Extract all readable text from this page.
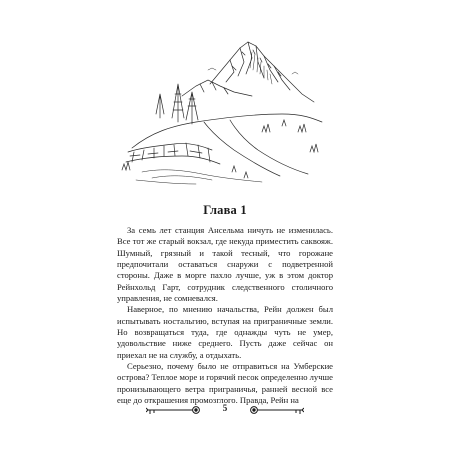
Глава 1

За семь лет станция Ансельма ничуть не изменилась. Все тот же старый вокзал, где некуда приместить саквояж. Шумный, грязный и такой тесный, что горожане предпочитали оставаться снаружи с подветренной стороны. Даже в морге пахло лучше, уж в этом доктор Рейнхольд Гарт, сотрудник следственного столичного управления, не сомневался.

Наверное, по мнению начальства, Рейн должен был испытывать ностальгию, вступая на приграничные земли. Но возвращаться туда, где однажды чуть не умер, удовольствие ниже среднего. Пусть даже сейчас он приехал не на службу, а отдыхать.

Серьезно, почему было не отправиться на Умберские острова? Теплое море и горячий песок определенно лучше пронизывающего ветра приграничья, ранней весной все еще до открашения промозглого. Правда, Рейн на

5
